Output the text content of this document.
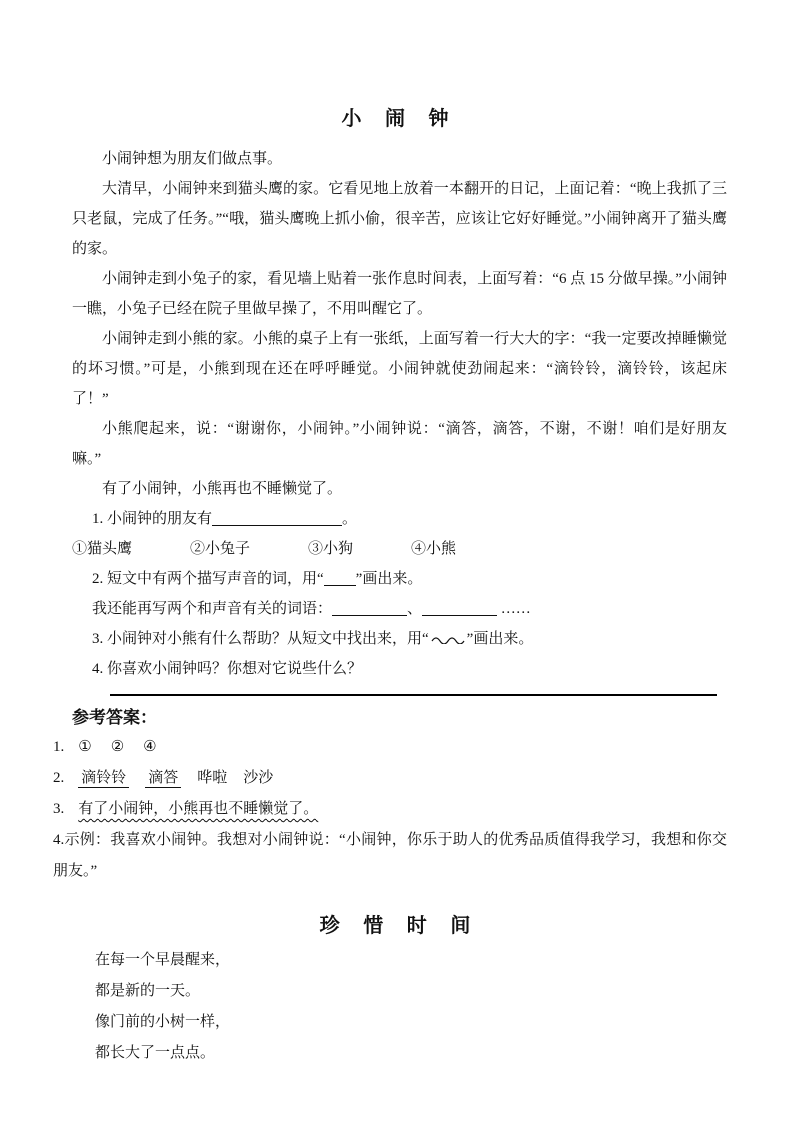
小 闹 钟

小闹钟想为朋友们做点事。

大清早，小闹钟来到猫头鹰的家。它看见地上放着一本翻开的日记，上面记着：“晚上我抓了三只老鼠，完成了任务。”“哦，猫头鹰晚上抓小偷，很辛苦，应该让它好好睡觉。”小闹钟离开了猫头鹰的家。

小闹钟走到小兔子的家，看见墙上贴着一张作息时间表，上面写着：“6 点 15 分做早操。”小闹钟一瞧，小兔子已经在院子里做早操了，不用叫醒它了。

小闹钟走到小熊的家。小熊的桌子上有一张纸，上面写着一行大大的字：“我一定要改掉睡懒觉的坏习惯。”可是，小熊到现在还在呼呼睡觉。小闹钟就使劲闹起来：“滴铃铃，滴铃铃，该起床了！”

小熊爬起来，说：“谢谢你，小闹钟。”小闹钟说：“滴答，滴答，不谢，不谢！咱们是好朋友嘛。”

有了小闹钟，小熊再也不睡懒觉了。

1. 小闹钟的朋友有	。

①猫头鹰	②小兔子	③小狗	④小熊

2. 短文中有两个描写声音的词，用“ ”画出来。

我还能再写两个和声音有关的词语：	、	……

3. 小闹钟对小熊有什么帮助？从短文中找出来，用“	”画出来。

4. 你喜欢小闹钟吗？你想对它说些什么？

参考答案：

1. ①　②　④

2. 滴铃铃 滴答 哗啦 沙沙

3. 有了小闹钟，小熊再也不睡懒觉了。

4.示例：我喜欢小闹钟。我想对小闹钟说：“小闹钟，你乐于助人的优秀品质值得我学习，我想和你交朋友。”

珍 惜 时 间

在每一个早晨醒来，

都是新的一天。

像门前的小树一样，

都长大了一点点。
